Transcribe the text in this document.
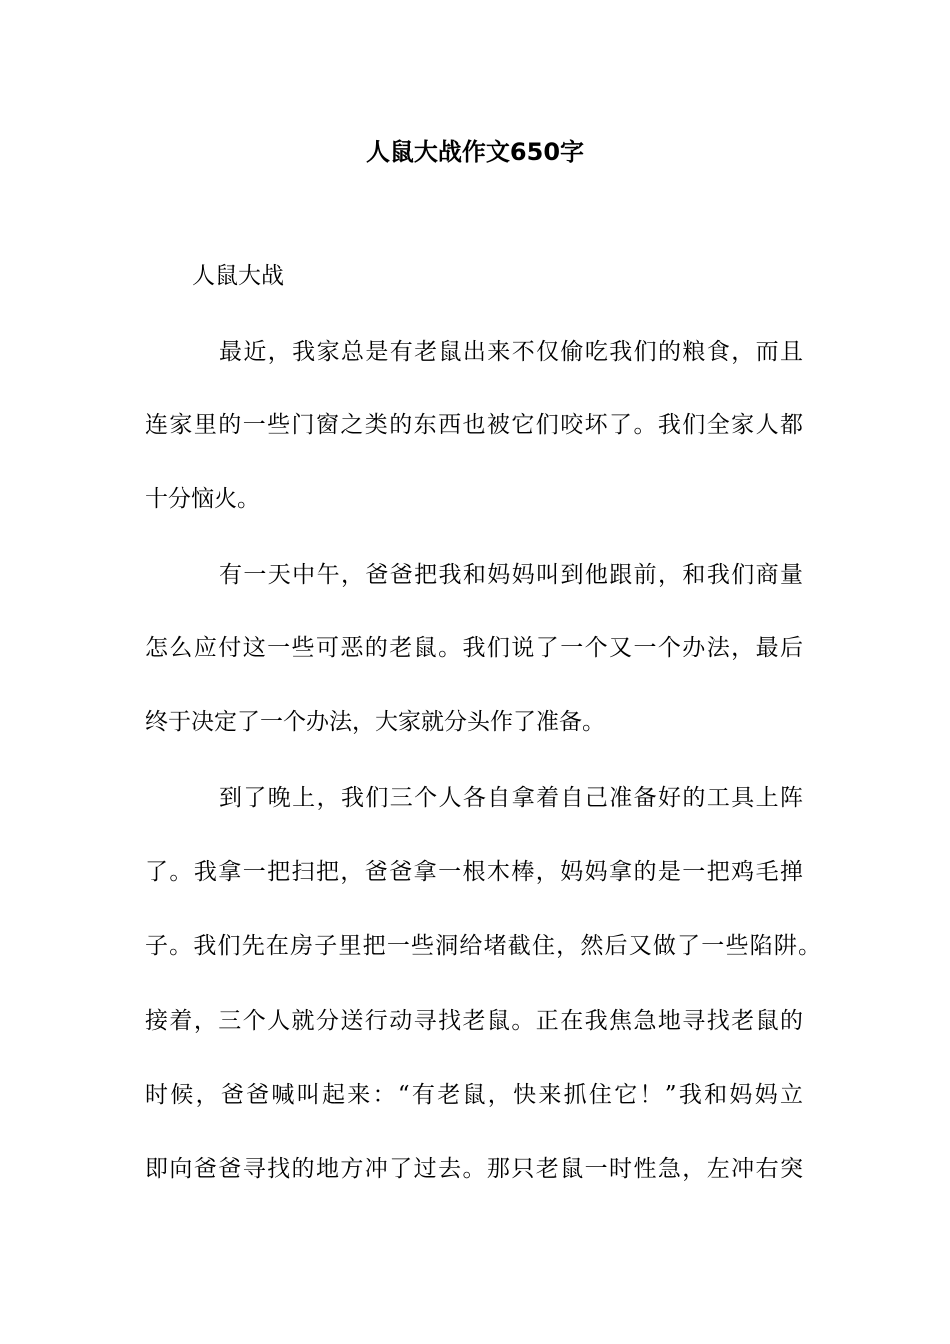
人鼠大战作文650字

人鼠大战

最近，我家总是有老鼠出来不仅偷吃我们的粮食，而且

连家里的一些门窗之类的东西也被它们咬坏了。我们全家人都

十分恼火。

有一天中午，爸爸把我和妈妈叫到他跟前，和我们商量

怎么应付这一些可恶的老鼠。我们说了一个又一个办法，最后

终于决定了一个办法，大家就分头作了准备。

到了晚上，我们三个人各自拿着自己准备好的工具上阵

了。我拿一把扫把，爸爸拿一根木棒，妈妈拿的是一把鸡毛掸

子。我们先在房子里把一些洞给堵截住，然后又做了一些陷阱。

接着，三个人就分送行动寻找老鼠。正在我焦急地寻找老鼠的

时候，爸爸喊叫起来：“有老鼠，快来抓住它！”我和妈妈立

即向爸爸寻找的地方冲了过去。那只老鼠一时性急，左冲右突
